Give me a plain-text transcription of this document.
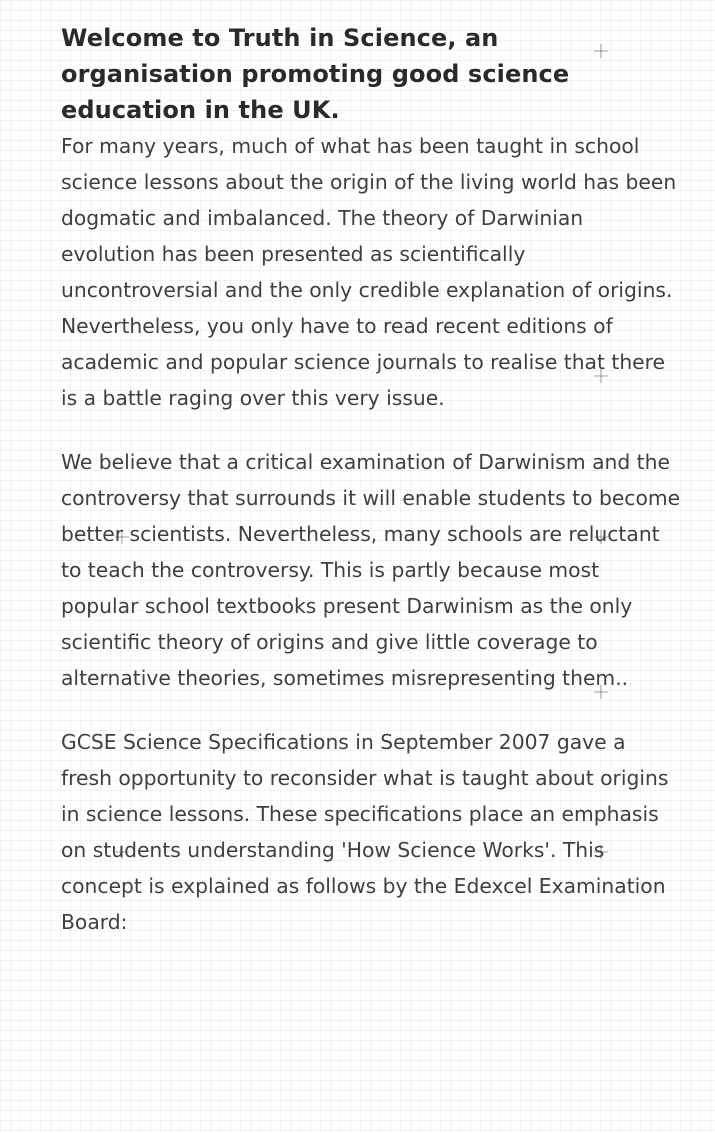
Welcome to Truth in Science, an organisation promoting good science education in the UK.

For many years, much of what has been taught in school science lessons about the origin of the living world has been dogmatic and imbalanced. The theory of Darwinian evolution has been presented as scientifically uncontroversial and the only credible explanation of origins. Nevertheless, you only have to read recent editions of academic and popular science journals to realise that there is a battle raging over this very issue.

We believe that a critical examination of Darwinism and the controversy that surrounds it will enable students to become better scientists. Nevertheless, many schools are reluctant to teach the controversy. This is partly because most popular school textbooks present Darwinism as the only scientific theory of origins and give little coverage to alternative theories, sometimes misrepresenting them..

GCSE Science Specifications in September 2007 gave a fresh opportunity to reconsider what is taught about origins in science lessons. These specifications place an emphasis on students understanding 'How Science Works'. This concept is explained as follows by the Edexcel Examination Board:
